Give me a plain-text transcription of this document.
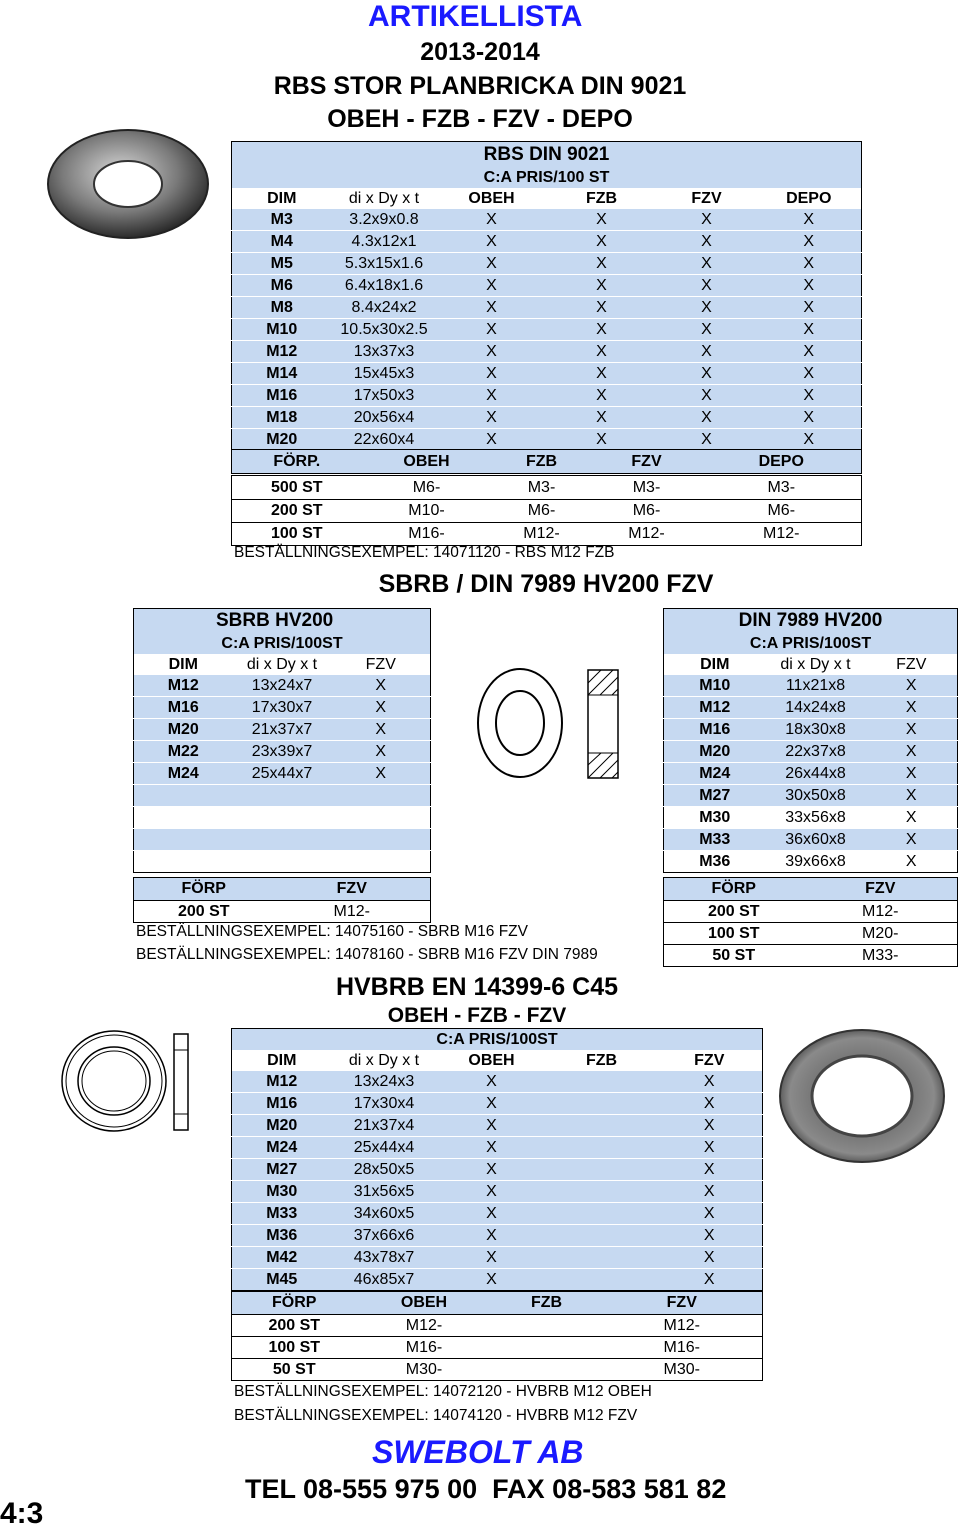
ARTIKELLISTA
2013-2014
RBS STOR PLANBRICKA DIN 9021
OBEH - FZB - FZV - DEPO
RBS DIN 9021					
C:A PRIS/100 ST					
DIM	di x Dy x t	OBEH	FZB	FZV	DEPO
M3	3.2x9x0.8	X	X	X	X
M4	4.3x12x1	X	X	X	X
M5	5.3x15x1.6	X	X	X	X
M6	6.4x18x1.6	X	X	X	X
M8	8.4x24x2	X	X	X	X
M10	10.5x30x2.5	X	X	X	X
M12	13x37x3	X	X	X	X
M14	15x45x3	X	X	X	X
M16	17x50x3	X	X	X	X
M18	20x56x4	X	X	X	X
M20	22x60x4	X	X	X	X
FÖRP.	OBEH	FZB	FZV	DEPO
500 ST	M6-	M3-	M3-	M3-
200 ST	M10-	M6-	M6-	M6-
100 ST	M16-	M12-	M12-	M12-
BESTÄLLNINGSEXEMPEL: 14071120 - RBS M12 FZB
SBRB / DIN 7989 HV200 FZV
SBRB HV200		
C:A PRIS/100ST		
DIM	di x Dy x t	FZV
M12	13x24x7	X
M16	17x30x7	X
M20	21x37x7	X
M22	23x39x7	X
M24	25x44x7	X

DIN 7989 HV200		
C:A PRIS/100ST		
DIM	di x Dy x t	FZV
M10	11x21x8	X
M12	14x24x8	X
M16	18x30x8	X
M20	22x37x8	X
M24	26x44x8	X
M27	30x50x8	X
M30	33x56x8	X
M33	36x60x8	X
M36	39x66x8	X
FÖRP	FZV
200 ST	M12-
BESTÄLLNINGSEXEMPEL: 14075160 - SBRB M16 FZV
BESTÄLLNINGSEXEMPEL: 14078160 - SBRB M16 FZV DIN 7989
FÖRP	FZV
200 ST	M12-
100 ST	M20-
50 ST	M33-
HVBRB EN 14399-6 C45
OBEH - FZB - FZV
C:A PRIS/100ST				
DIM	di x Dy x t	OBEH	FZB	FZV
M12	13x24x3	X		X
M16	17x30x4	X		X
M20	21x37x4	X		X
M24	25x44x4	X		X
M27	28x50x5	X		X
M30	31x56x5	X		X
M33	34x60x5	X		X
M36	37x66x6	X		X
M42	43x78x7	X		X
M45	46x85x7	X		X
FÖRP	OBEH	FZB	FZV
200 ST	M12-		M12-
100 ST	M16-		M16-
50 ST	M30-		M30-
BESTÄLLNINGSEXEMPEL: 14072120 - HVBRB M12 OBEH
BESTÄLLNINGSEXEMPEL: 14074120 - HVBRB M12 FZV
SWEBOLT AB
TEL 08-555 975 00  FAX 08-583 581 82
4:3
